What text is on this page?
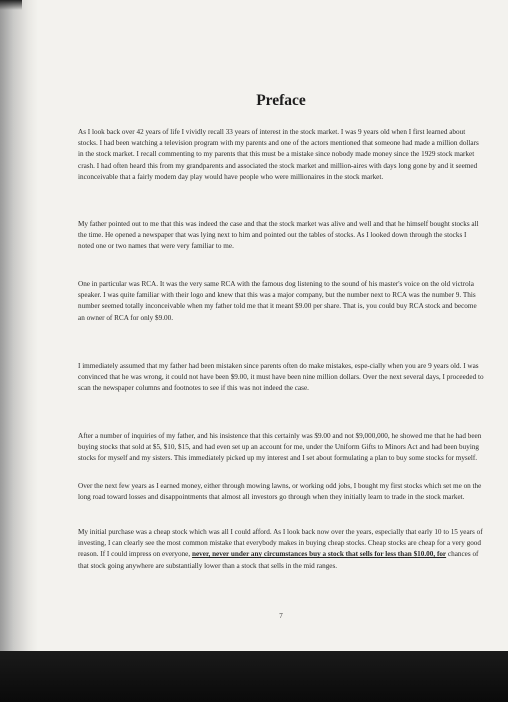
Preface

As I look back over 42 years of life I vividly recall 33 years of interest in the stock market. I was 9 years old when I first learned about stocks. I had been watching a television program with my parents and one of the actors mentioned that someone had made a million dollars in the stock market. I recall commenting to my parents that this must be a mistake since nobody made money since the 1929 stock market crash. I had often heard this from my grandparents and associated the stock market and million-aires with days long gone by and it seemed inconceivable that a fairly modem day play would have people who were millionaires in the stock market.

My father pointed out to me that this was indeed the case and that the stock market was alive and well and that he himself bought stocks all the time. He opened a newspaper that was lying next to him and pointed out the tables of stocks. As I looked down through the stocks I noted one or two names that were very familiar to me.

One in particular was RCA. It was the very same RCA with the famous dog listening to the sound of his master's voice on the old victrola speaker. I was quite familiar with their logo and knew that this was a major company, but the number next to RCA was the number 9. This number seemed totally inconceivable when my father told me that it meant $9.00 per share. That is, you could buy RCA stock and become an owner of RCA for only $9.00.

I immediately assumed that my father had been mistaken since parents often do make mistakes, espe-cially when you are 9 years old. I was convinced that he was wrong, it could not have been $9.00, it must have been nine million dollars. Over the next several days, I proceeded to scan the newspaper columns and footnotes to see if this was not indeed the case.

After a number of inquiries of my father, and his insistence that this certainly was $9.00 and not $9,000,000, he showed me that he had been buying stocks that sold at $5, $10, $15, and had even set up an account for me, under the Uniform Gifts to Minors Act and had been buying stocks for myself and my sisters. This immediately picked up my interest and I set about formulating a plan to buy some stocks for myself.

Over the next few years as I earned money, either through mowing lawns, or working odd jobs, I bought my first stocks which set me on the long road toward losses and disappointments that almost all investors go through when they initially learn to trade in the stock market.

My initial purchase was a cheap stock which was all I could afford. As I look back now over the years, especially that early 10 to 15 years of investing, I can clearly see the most common mistake that everybody makes in buying cheap stocks. Cheap stocks are cheap for a very good reason. If I could impress on everyone, never, never under any circumstances buy a stock that sells for less than $10.00, for chances of that stock going anywhere are substantially lower than a stock that sells in the mid ranges.

7
